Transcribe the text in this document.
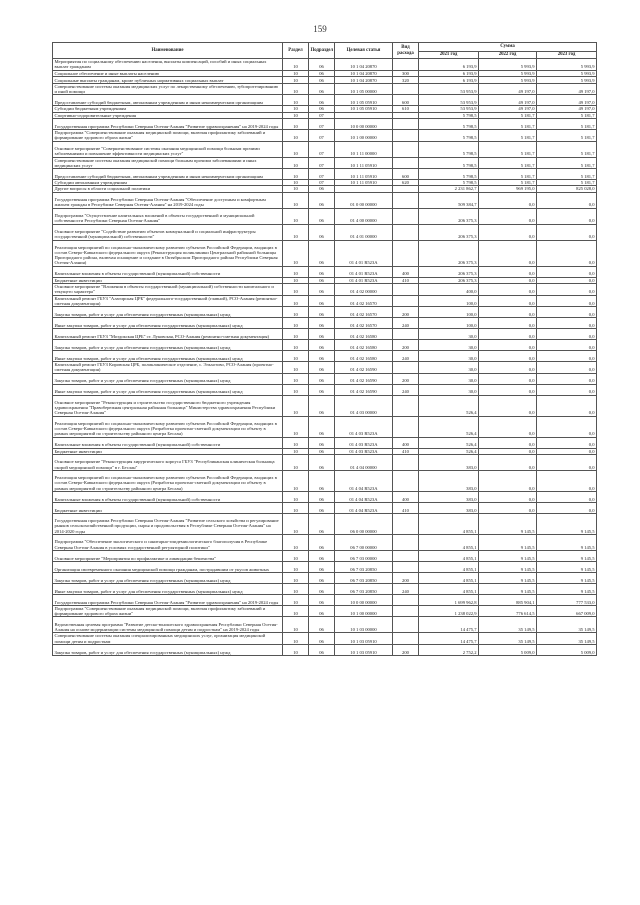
159
Наименование	Раздел	Подраздел	Целевая статья	Вид расхода	Сумма		
					2021 год	2022 год	2023 год
Мероприятия по социальному обеспечению населения, выплаты компенсаций, пособий и иных социальных выплат гражданам	10	06	10 1 04 20870		6 193,9	5 993,9	5 993,9
Социальное обеспечение и иные выплаты населению	10	06	10 1 04 20870	300	6 193,9	5 993,9	5 993,9
Социальные выплаты гражданам, кроме публичных нормативных социальных выплат	10	06	10 1 04 20870	320	6 193,9	5 993,9	5 993,9
Совершенствование системы оказания медицинских услуг по лекарственному обеспечению, зубопротезированию и иной помощи	10	06	10 1 05 00000		53 953,9	49 197,0	49 197,0
Предоставление субсидий бюджетным, автономным учреждениям и иным некоммерческим организациям	10	06	10 1 05 05910	600	53 953,9	49 197,0	49 197,0
Субсидии бюджетным учреждениям	10	06	10 1 05 05910	610	53 953,9	49 197,0	49 197,0
Спортивно-оздоровительные учреждения	10	07			5 798,5	5 181,7	5 181,7
Государственная программа Республики Северная Осетия-Алания "Развитие здравоохранения" на 2019-2024 годы	10	07	10 0 00 00000		5 798,5	5 181,7	5 181,7
Подпрограмма "Совершенствование оказания медицинской помощи, включая профилактику заболеваний и формирование здорового образа жизни"	10	07	10 1 00 00000		5 798,5	5 181,7	5 181,7
Основное мероприятие "Совершенствование системы оказания медицинской помощи больным прочими заболеваниями и повышение эффективности медицинских услуг"	10	07	10 1 11 00000		5 798,5	5 181,7	5 181,7
Совершенствование системы оказания медицинской помощи больным прочими заболеваниями и иных медицинских услуг	10	07	10 1 11 05910		5 798,5	5 181,7	5 181,7
Предоставление субсидий бюджетным, автономным учреждениям и иным некоммерческим организациям	10	07	10 1 11 05910	600	5 798,5	5 181,7	5 181,7
Субсидии автономным учреждениям	10	07	10 1 11 05910	620	5 798,5	5 181,7	5 181,7
Другие вопросы в области социальной политики	10	06			2 231 862,7	969 195,0	825 028,0
Государственная программа Республики Северная Осетия-Алания "Обеспечение доступным и комфортным жильем граждан в Республике Северная Осетия-Алания" на 2019-2024 годы	10	06	01 0 00 00000		509 384,7	0,0	0,0
Подпрограмма "Осуществление капитальных вложений в объекты государственной и муниципальной собственности Республики Северная Осетия-Алания"	10	06	01 4 00 00000		206 375,3	0,0	0,0
Основное мероприятие "Содействие развитию объектов коммунальной и социальной инфраструктуры государственной (муниципальной) собственности"	10	06	01 4 01 00000		206 375,3	0,0	0,0
Реализация мероприятий по социально-экономическому развитию субъектов Российской Федерации, входящих в состав Северо-Кавказского федерального округа (Реконструкция поликлиники Центральной районной больницы Пригородного района, включая оснащение и создание в Октябрьском Пригородного района Республики Северная Осетия-Алания)	10	06	01 4 01 R523A		206 375,3	0,0	0,0
Капитальные вложения в объекты государственной (муниципальной) собственности	10	06	01 4 01 R523A	400	206 375,3	0,0	0,0
Бюджетные инвестиции	10	06	01 4 01 R523A	410	206 375,3	0,0	0,0
Основное мероприятие "Вложения в объекты государственной (муниципальной) собственности капитального и текущего характера"	10	06	01 4 02 00000		400,0	0,0	0,0
Капитальный ремонт ГБУЗ "Алагирская ЦРБ" федерального-государственной (главной), РСО-Алания (ремонтно-сметная документация)	10	06	01 4 02 16570		100,0	0,0	0,0
Закупка товаров, работ и услуг для обеспечения государственных (муниципальных) нужд	10	06	01 4 02 16570	200	100,0	0,0	0,0
Иные закупки товаров, работ и услуг для обеспечения государственных (муниципальных) нужд	10	06	01 4 02 16570	240	100,0	0,0	0,0
Капитальный ремонт ГБУЗ "Моздокская ЦРБ" ст. Луковская, РСО-Алания (ремонтно-сметная документация)	10	06	01 4 02 16580		30,0	0,0	0,0
Закупка товаров, работ и услуг для обеспечения государственных (муниципальных) нужд	10	06	01 4 02 16580	200	30,0	0,0	0,0
Иные закупки товаров, работ и услуг для обеспечения государственных (муниципальных) нужд	10	06	01 4 02 16580	240	30,0	0,0	0,0
Капитальный ремонт ГБУЗ Кировская ЦРБ, поликлиническое отделение, с. Эльхотово, РСО-Алания (проектно-сметная документация)	10	06	01 4 02 16590		30,0	0,0	0,0
Закупка товаров, работ и услуг для обеспечения государственных (муниципальных) нужд	10	06	01 4 02 16590	200	30,0	0,0	0,0
Иные закупки товаров, работ и услуг для обеспечения государственных (муниципальных) нужд	10	06	01 4 02 16590	240	30,0	0,0	0,0
Основное мероприятие "Реконструкция и строительство государственного бюджетного учреждения здравоохранения "Правобережная центральная районная больница" Министерства здравоохранения Республики Северная Осетия-Алания"	10	06	01 4 03 00000		526,4	0,0	0,0
Реализация мероприятий по социально-экономическому развитию субъектов Российской Федерации, входящих в состав Северо-Кавказского федерального округа (Разработка проектно-сметной документации по объекту в рамках мероприятий по строительству районного центра Беслан)	10	06	01 4 03 R523A		526,4	0,0	0,0
Капитальные вложения в объекты государственной (муниципальной) собственности	10	06	01 4 03 R523A	400	526,4	0,0	0,0
Бюджетные инвестиции	10	06	01 4 03 R523A	410	526,4	0,0	0,0
Основное мероприятие "Реконструкция хирургического корпуса ГБУЗ "Республиканская клиническая больница скорой медицинской помощи" в г. Беслан"	10	06	01 4 04 00000		383,0	0,0	0,0
Реализация мероприятий по социально-экономическому развитию субъектов Российской Федерации, входящих в состав Северо-Кавказского федерального округа (Разработка проектно-сметной документации по объекту в рамках мероприятий по строительству районного центра Беслан)	10	06	01 4 04 R523A		383,0	0,0	0,0
Капитальные вложения в объекты государственной (муниципальной) собственности	10	06	01 4 04 R523A	400	383,0	0,0	0,0
Бюджетные инвестиции	10	06	01 4 04 R523A	410	383,0	0,0	0,0
Государственная программа Республики Северная Осетия-Алания "Развитие сельского хозяйства и регулирование рынков сельскохозяйственной продукции, сырья и продовольствия в Республике Северная Осетия-Алания" на 2014-2020 годы	10	06	06 0 00 00000		4 855,1	9 145,5	9 145,5
Подпрограмма "Обеспечение экологического и санитарно-эпидемиологического благополучия в Республике Северная Осетия-Алания в условиях государственной регуляторной политики"	10	06	06 7 00 00000		4 855,1	9 145,5	9 145,5
Основное мероприятие "Мероприятия по профилактике и ликвидации бешенства"	10	06	06 7 03 00000		4 855,1	9 145,5	9 145,5
Организация своевременного оказания медицинской помощи гражданам, пострадавшим от укусов животных	10	06	06 7 03 20850		4 855,1	9 145,5	9 145,5
Закупка товаров, работ и услуг для обеспечения государственных (муниципальных) нужд	10	06	06 7 03 20850	200	4 855,1	9 145,5	9 145,5
Иные закупки товаров, работ и услуг для обеспечения государственных (муниципальных) нужд	10	06	06 7 03 20850	240	4 855,1	9 145,5	9 145,5
Государственная программа Республики Северная Осетия-Алания "Развитие здравоохранения" на 2019-2024 годы	10	06	10 0 00 00000		1 699 962,8	885 904,1	777 533,0
Подпрограмма "Совершенствование оказания медицинской помощи, включая профилактику заболеваний и формирование здорового образа жизни"	10	06	10 1 00 00000		1 238 022,9	776 614,5	667 009,0
Ведомственная целевая программа "Развитие детско-юношеского здравоохранения Республики Северная Осетия-Алания на основе модернизации системы медицинской помощи детям и подросткам" на 2019-2024 годы	10	06	10 1 03 00000		14 475,7	35 149,5	35 149,5
Совершенствование системы оказания специализированных медицинских услуг, организация медицинской помощи детям и подросткам	10	06	10 1 03 05910		14 475,7	35 149,5	35 149,5
Закупка товаров, работ и услуг для обеспечения государственных (муниципальных) нужд	10	06	10 1 03 05910	200	2 752,2	5 009,0	5 009,0
